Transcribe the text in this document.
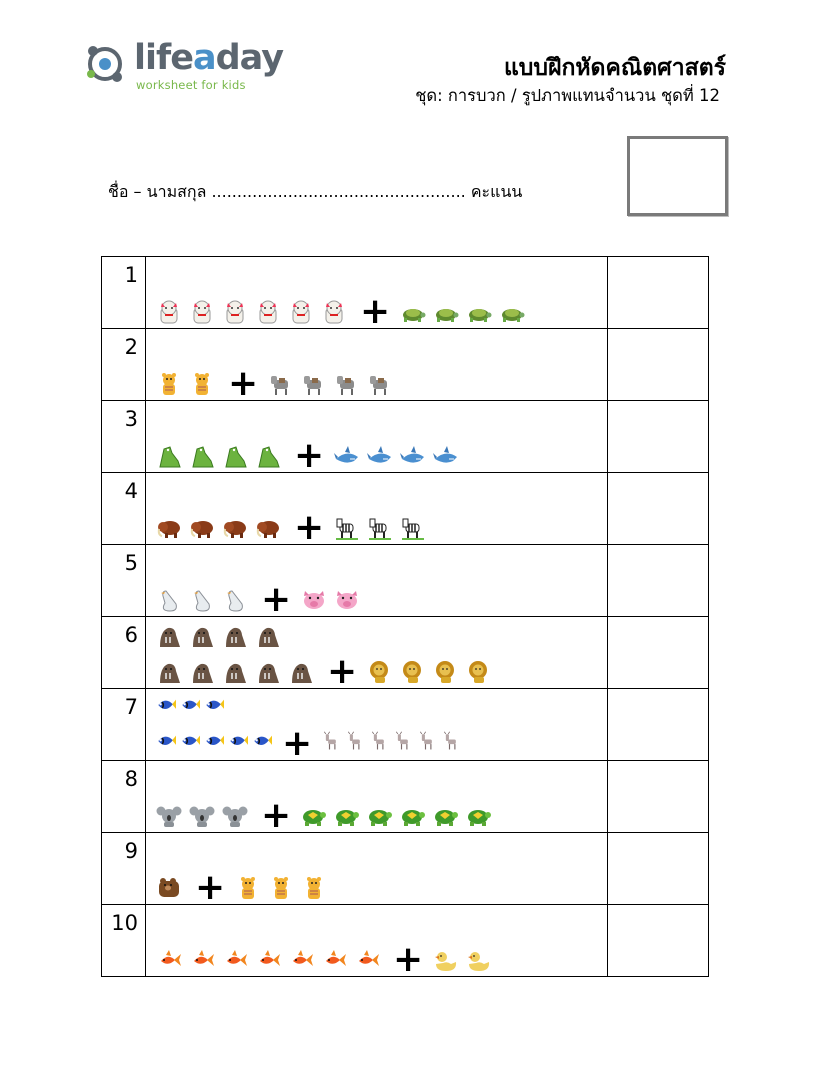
lifeaday
worksheet for kids
แบบฝึกหัดคณิตศาสตร์
ชุด: การบวก / รูปภาพแทนจำนวน ชุดที่ 12
ชื่อ – นามสกุล .................................................. คะแนน
1	+	

2	+	

3	+	

4	+	

5	+	

6	+	

7	+	

8	+	

9	+	

10	+	
